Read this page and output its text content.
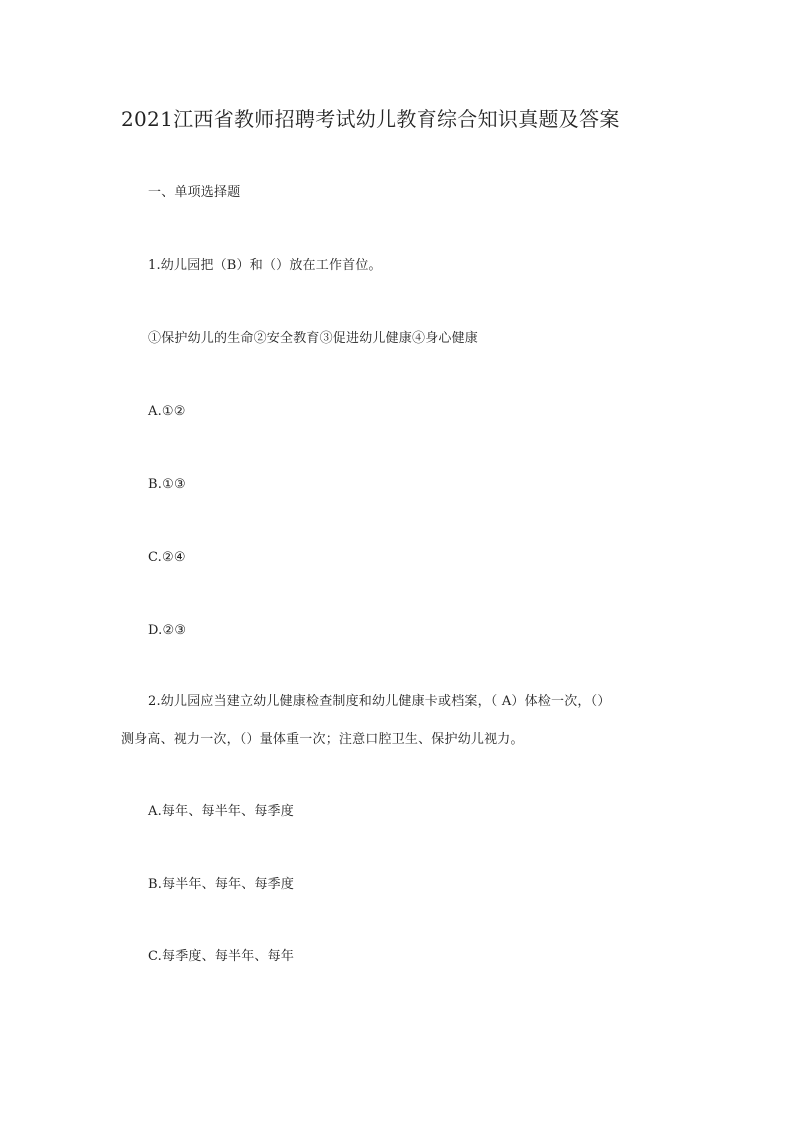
2021江西省教师招聘考试幼儿教育综合知识真题及答案
一、单项选择题
1.幼儿园把（B）和（）放在工作首位。
①保护幼儿的生命②安全教育③促进幼儿健康④身心健康
A.①②
B.①③
C.②④
D.②③
2.幼儿园应当建立幼儿健康检查制度和幼儿健康卡或档案，（ A）体检一次，（）
测身高、视力一次，（）量体重一次；注意口腔卫生、保护幼儿视力。
A.每年、每半年、每季度
B.每半年、每年、每季度
C.每季度、每半年、每年
